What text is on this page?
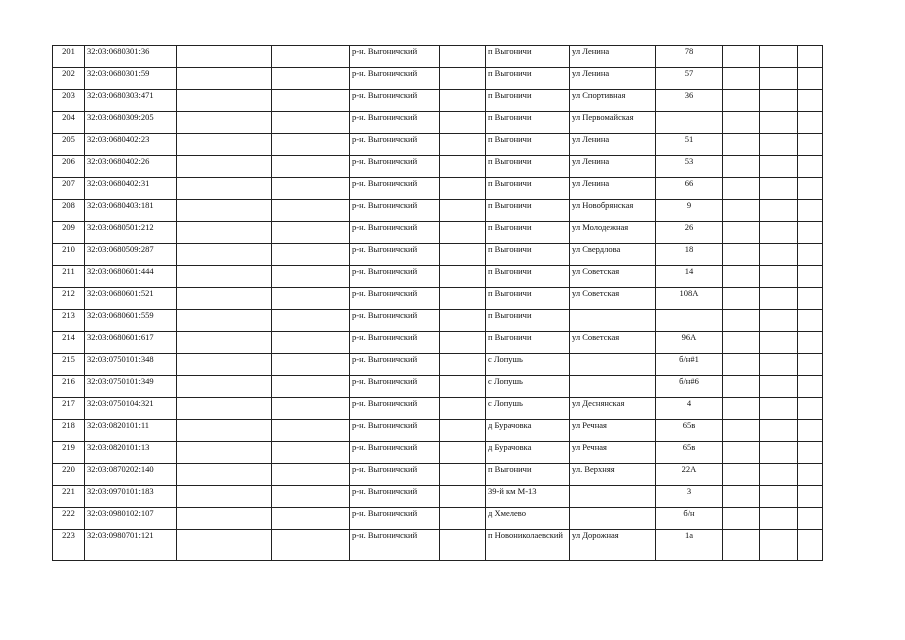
201	32:03:0680301:36			р-н. Выгоничский		п Выгоничи	ул Ленина	78			
202	32:03:0680301:59			р-н. Выгоничский		п Выгоничи	ул Ленина	57			
203	32:03:0680303:471			р-н. Выгоничский		п Выгоничи	ул Спортивная	36			
204	32:03:0680309:205			р-н. Выгоничский		п Выгоничи	ул Первомайская				
205	32:03:0680402:23			р-н. Выгоничский		п Выгоничи	ул Ленина	51			
206	32:03:0680402:26			р-н. Выгоничский		п Выгоничи	ул Ленина	53			
207	32:03:0680402:31			р-н. Выгоничский		п Выгоничи	ул Ленина	66			
208	32:03:0680403:181			р-н. Выгоничский		п Выгоничи	ул Новобрянская	9			
209	32:03:0680501:212			р-н. Выгоничский		п Выгоничи	ул Молодежная	26			
210	32:03:0680509:287			р-н. Выгоничский		п Выгоничи	ул Свердлова	18			
211	32:03:0680601:444			р-н. Выгоничский		п Выгоничи	ул Советская	14			
212	32:03:0680601:521			р-н. Выгоничский		п Выгоничи	ул Советская	108А			
213	32:03:0680601:559			р-н. Выгоничский		п Выгоничи					
214	32:03:0680601:617			р-н. Выгоничский		п Выгоничи	ул Советская	96А			
215	32:03:0750101:348			р-н. Выгоничский		с Лопушь		б/н#1			
216	32:03:0750101:349			р-н. Выгоничский		с Лопушь		б/н#6			
217	32:03:0750104:321			р-н. Выгоничский		с Лопушь	ул Деснянская	4			
218	32:03:0820101:11			р-н. Выгоничский		д Бурачовка	ул Речная	65в			
219	32:03:0820101:13			р-н. Выгоничский		д Бурачовка	ул Речная	65в			
220	32:03:0870202:140			р-н. Выгоничский		п Выгоничи	ул. Верхняя	22А			
221	32:03:0970101:183			р-н. Выгоничский		39-й км М-13		3			
222	32:03:0980102:107			р-н. Выгоничский		д Хмелево		б/н			
223	32:03:0980701:121			р-н. Выгоничский		п Новониколаевский	ул Дорожная	1а			
